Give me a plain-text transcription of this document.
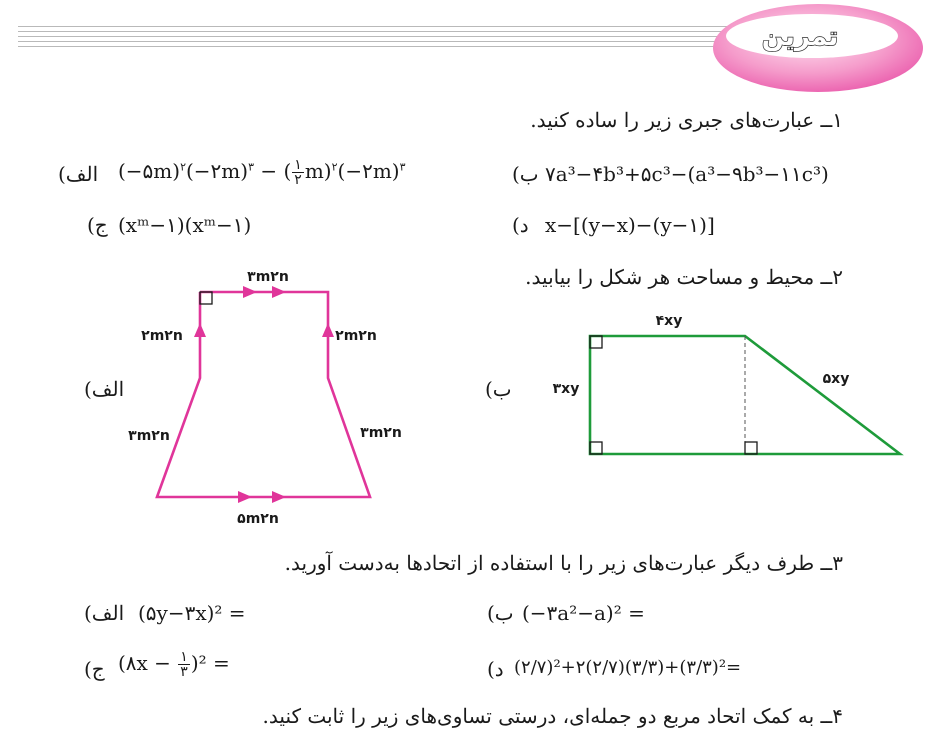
تمرین
۱ــ عبارت‌های جبری زیر را ساده کنید.
الف) (−۵m)$^۲$(−۲m)$^۳$ − ( $\frac{۱}{۲}$ m)$^۲$(−۲m)$^۳$	ب) ۷a³−۴b³+۵c³−(a³−۹b³−۱۱c³)
ج) (xᵐ−۱)(xᵐ−۱)	د) x−[(y−x)−(y−۱)]
۲ــ محیط و مساحت هر شکل را بیابید.
۳m۲n
۲m۲n	۲m۲n
۳m۲n	۳m۲n
۵m۲n
الف)
۴xy
۳xy
۵xy
ب)
۳ــ طرف دیگر عبارت‌های زیر را با استفاده از اتحادها به‌دست آورید.
الف) (۵y−۳x)² =	ب) (−۳a²−a)² =
ج) (۸x − $\frac{۱}{۳} )^2$ =	د) (۲/۷)²+۲(۲/۷)(۳/۳)+(۳/۳)²=
۴ــ به کمک اتحاد مربع دو جمله‌ای، درستی تساوی‌های زیر را ثابت کنید.
